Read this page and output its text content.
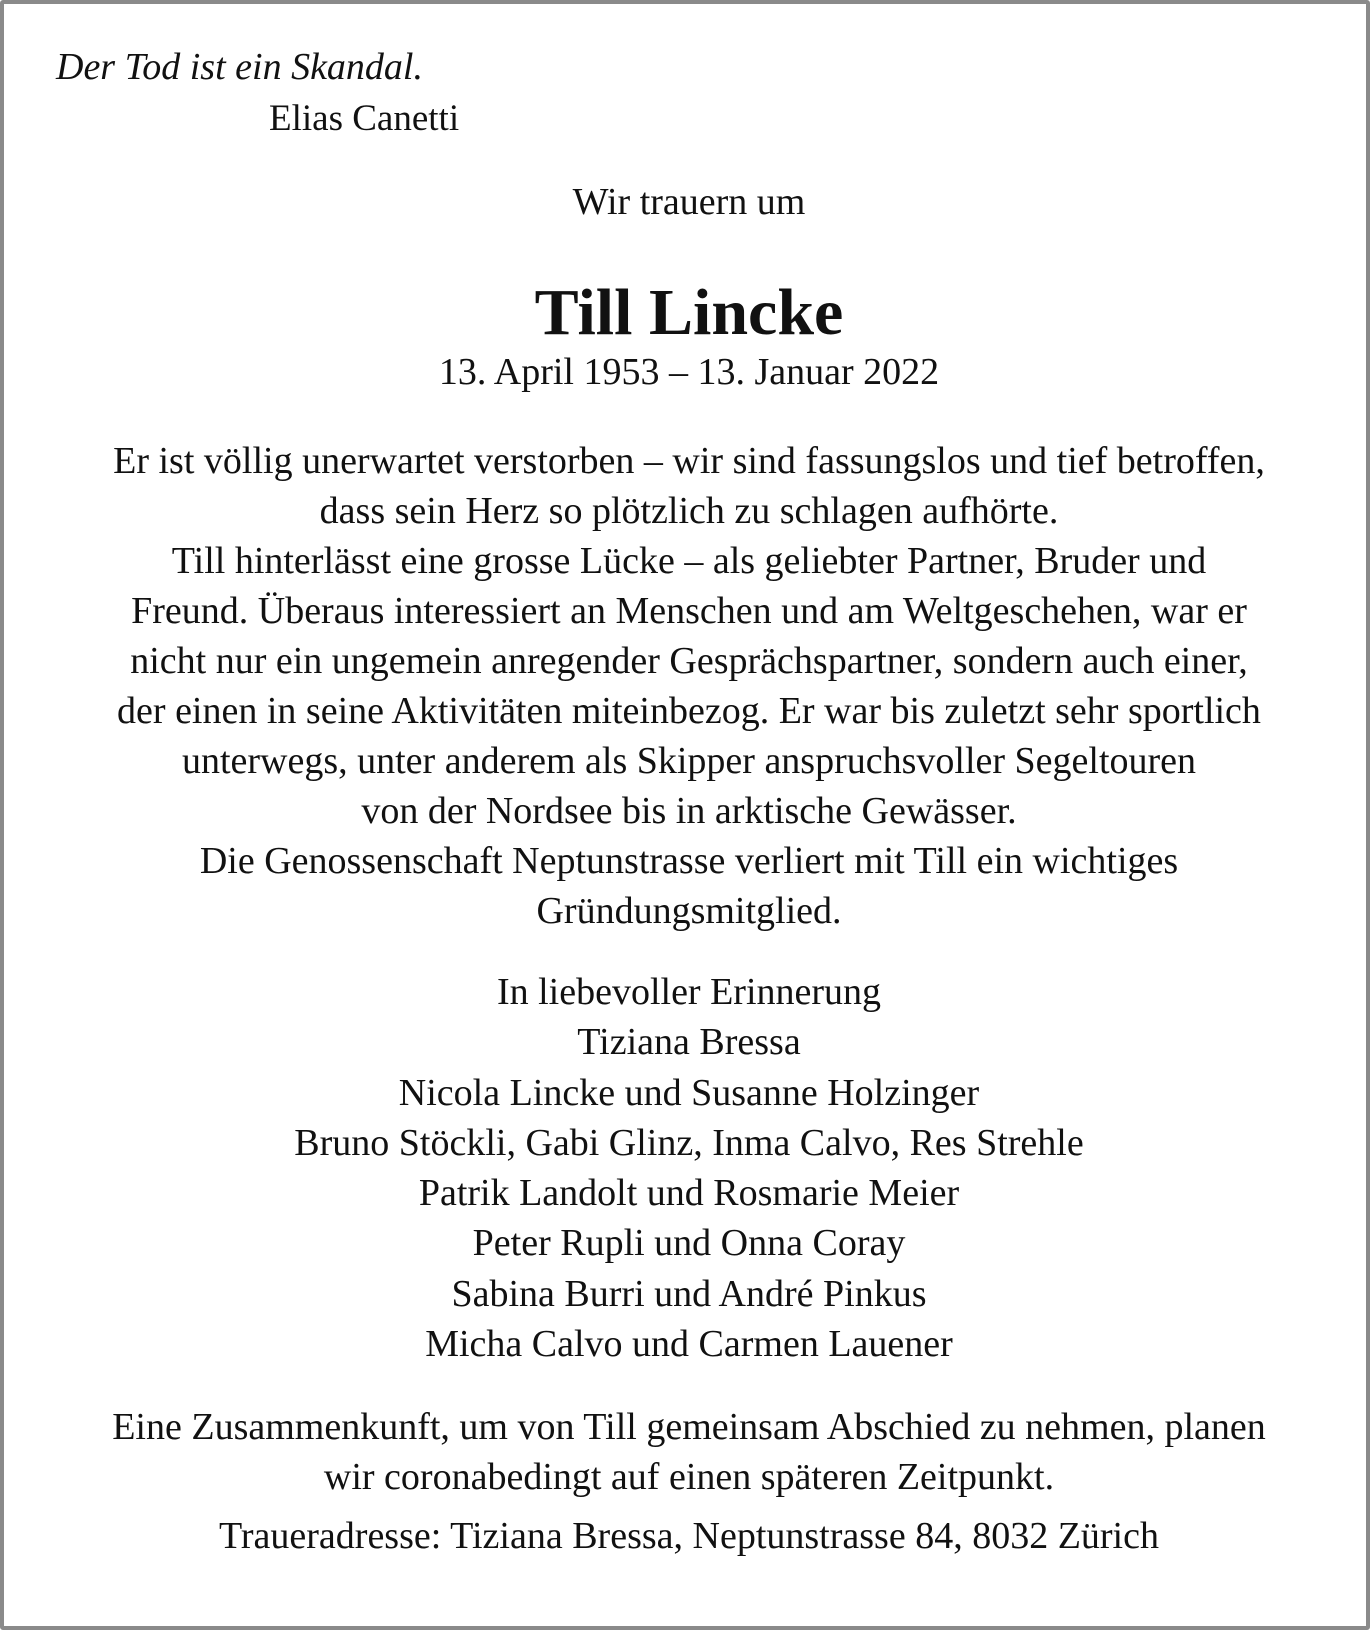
Der Tod ist ein Skandal.

Elias Canetti

Wir trauern um

Till Lincke

13. April 1953 – 13. Januar 2022

Er ist völlig unerwartet verstorben – wir sind fassungslos und tief betroffen,
dass sein Herz so plötzlich zu schlagen aufhörte.
Till hinterlässt eine grosse Lücke – als geliebter Partner, Bruder und
Freund. Überaus interessiert an Menschen und am Weltgeschehen, war er
nicht nur ein ungemein anregender Gesprächspartner, sondern auch einer,
der einen in seine Aktivitäten miteinbezog. Er war bis zuletzt sehr sportlich
unterwegs, unter anderem als Skipper anspruchsvoller Segeltouren
von der Nordsee bis in arktische Gewässer.
Die Genossenschaft Neptunstrasse verliert mit Till ein wichtiges
Gründungsmitglied.
In liebevoller Erinnerung
Tiziana Bressa
Nicola Lincke und Susanne Holzinger
Bruno Stöckli, Gabi Glinz, Inma Calvo, Res Strehle
Patrik Landolt und Rosmarie Meier
Peter Rupli und Onna Coray
Sabina Burri und André Pinkus
Micha Calvo und Carmen Lauener
Eine Zusammenkunft, um von Till gemeinsam Abschied zu nehmen, planen
wir coronabedingt auf einen späteren Zeitpunkt.

Traueradresse: Tiziana Bressa, Neptunstrasse 84, 8032 Zürich
